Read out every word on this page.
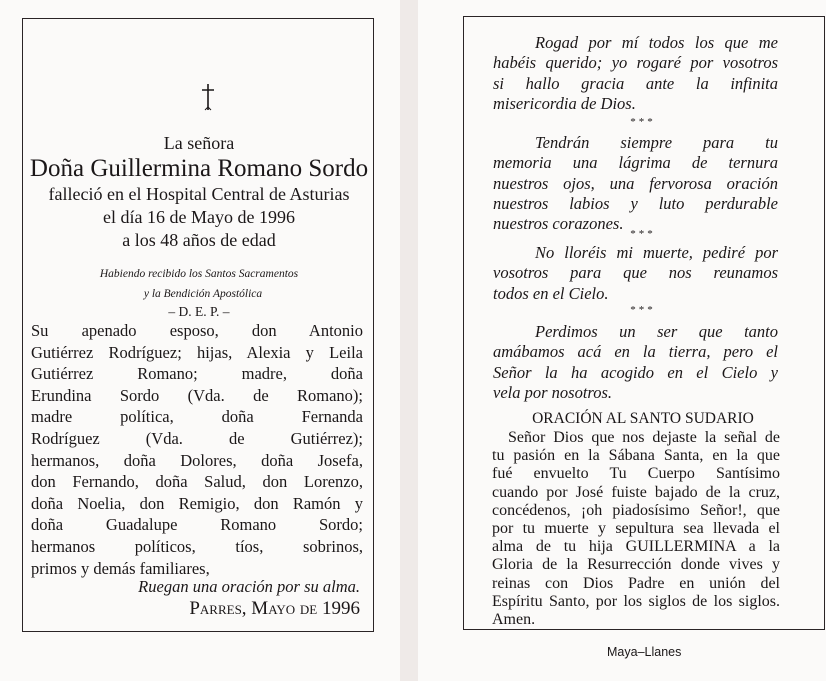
La señora
Doña Guillermina Romano Sordo
falleció en el Hospital Central de Asturias
el día 16 de Mayo de 1996
a los 48 años de edad
Habiendo recibido los Santos Sacramentos
y la Bendición Apostólica
– D. E. P. –
Su apenado esposo, don Antonio
Gutiérrez Rodríguez; hijas, Alexia y Leila
Gutiérrez Romano; madre, doña
Erundina Sordo (Vda. de Romano);
madre política, doña Fernanda
Rodríguez (Vda. de Gutiérrez);
hermanos, doña Dolores, doña Josefa,
don Fernando, doña Salud, don Lorenzo,
doña Noelia, don Remigio, don Ramón y
doña Guadalupe Romano Sordo;
hermanos políticos, tíos, sobrinos,
primos y demás familiares,
Ruegan una oración por su alma.
Parres, Mayo de 1996
Rogad por mí todos los que me
habéis querido; yo rogaré por vosotros
si hallo gracia ante la infinita
misericordia de Dios.
***
Tendrán siempre para tu
memoria una lágrima de ternura
nuestros ojos, una fervorosa oración
nuestros labios y luto perdurable
nuestros corazones.
***
No lloréis mi muerte, pediré por
vosotros para que nos reunamos
todos en el Cielo.
***
Perdimos un ser que tanto
amábamos acá en la tierra, pero el
Señor la ha acogido en el Cielo y
vela por nosotros.
ORACIÓN AL SANTO SUDARIO
Señor Dios que nos dejaste la señal de
tu pasión en la Sábana Santa, en la que
fué envuelto Tu Cuerpo Santísimo
cuando por José fuiste bajado de la cruz,
concédenos, ¡oh piadosísimo Señor!, que
por tu muerte y sepultura sea llevada el
alma de tu hija GUILLERMINA a la
Gloria de la Resurrección donde vives y
reinas con Dios Padre en unión del
Espíritu Santo, por los siglos de los siglos.
Amen.
Maya–Llanes
